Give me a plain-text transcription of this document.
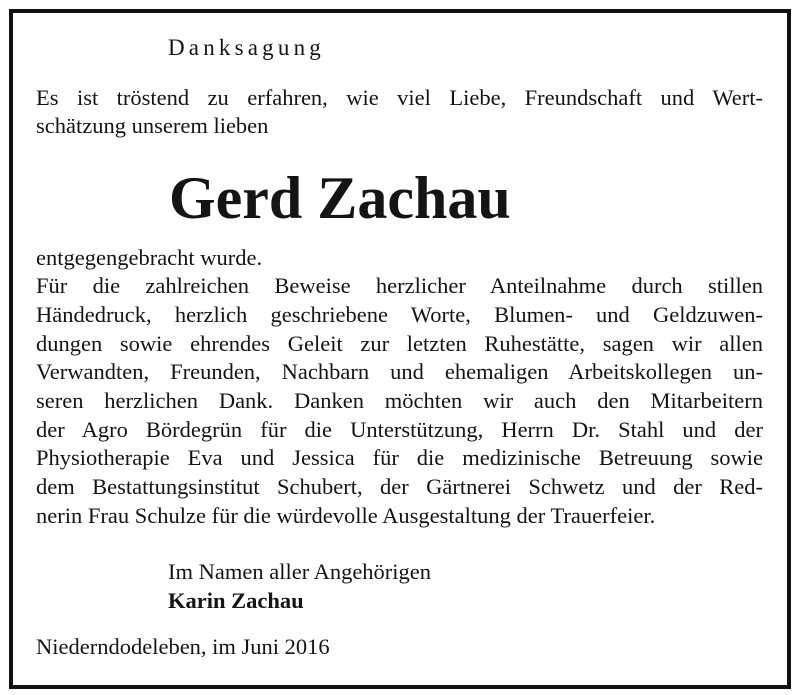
Danksagung
Es ist tröstend zu erfahren, wie viel Liebe, Freundschaft und Wert-
schätzung unserem lieben
Gerd Zachau
entgegengebracht wurde.
Für die zahlreichen Beweise herzlicher Anteilnahme durch stillen
Händedruck, herzlich geschriebene Worte, Blumen- und Geldzuwen-
dungen sowie ehrendes Geleit zur letzten Ruhestätte, sagen wir allen
Verwandten, Freunden, Nachbarn und ehemaligen Arbeitskollegen un-
seren herzlichen Dank. Danken möchten wir auch den Mitarbeitern
der Agro Bördegrün für die Unterstützung, Herrn Dr. Stahl und der
Physiotherapie Eva und Jessica für die medizinische Betreuung sowie
dem Bestattungsinstitut Schubert, der Gärtnerei Schwetz und der Red-
nerin Frau Schulze für die würdevolle Ausgestaltung der Trauerfeier.
Im Namen aller Angehörigen
Karin Zachau
Niederndodeleben, im Juni 2016
